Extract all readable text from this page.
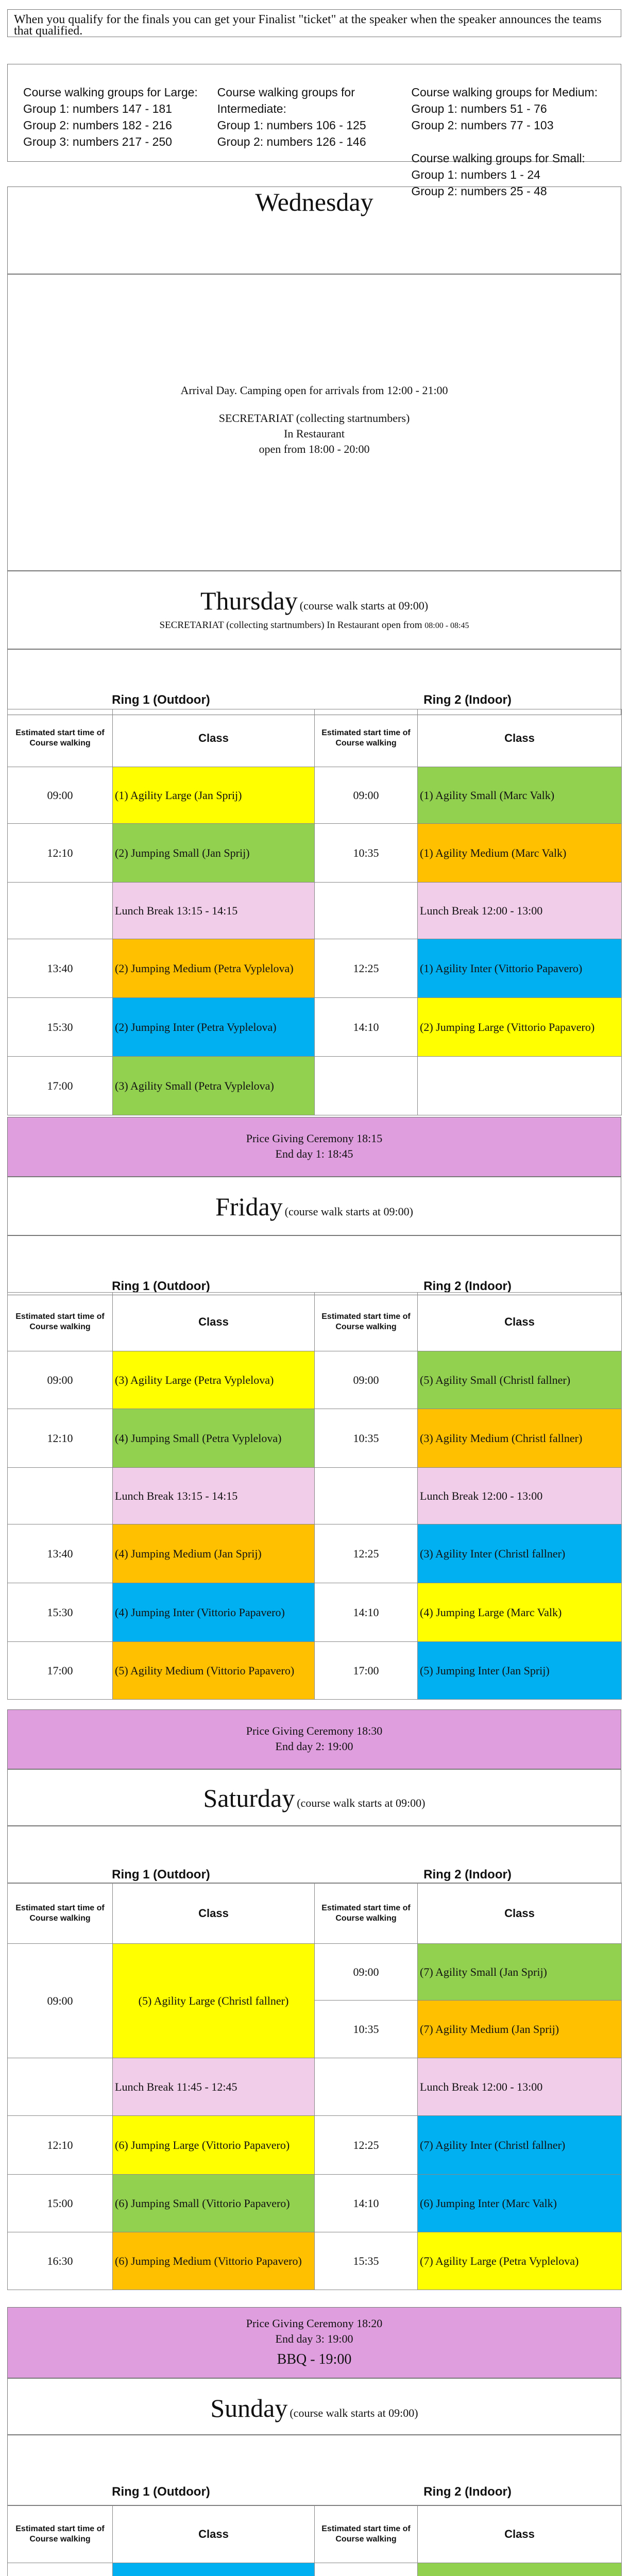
When you qualify for the finals you can get your Finalist "ticket" at the speaker when the speaker announces the teams that qualified.

Course walking groups for Large:

Group 1: numbers 147 - 181

Group 2: numbers 182 - 216

Group 3: numbers 217 - 250

Course walking groups for Intermediate:

Group 1: numbers 106 - 125

Group 2: numbers 126 - 146

Course walking groups for Medium:

Group 1: numbers 51 - 76

Group 2: numbers 77 - 103

Course walking groups for Small:

Group 1: numbers 1 - 24

Group 2: numbers 25 - 48

Wednesday
Arrival Day. Camping open for arrivals from 12:00 - 21:00
SECRETARIAT (collecting startnumbers)
In Restaurant
open from 18:00 - 20:00
Thursday (course walk starts at 09:00)
SECRETARIAT (collecting startnumbers) In Restaurant open from 08:00 - 08:45
Ring 1 (Outdoor)	Ring 2 (Indoor)
Estimated start time of Course walking	Class	Estimated start time of Course walking	Class
09:00	(1) Agility Large (Jan Sprij)	09:00	(1) Agility Small (Marc Valk)
12:10	(2) Jumping Small (Jan Sprij)	10:35	(1) Agility Medium (Marc Valk)
	Lunch Break 13:15 - 14:15		Lunch Break 12:00 - 13:00
13:40	(2) Jumping Medium (Petra Vyplelova)	12:25	(1) Agility Inter (Vittorio Papavero)
15:30	(2) Jumping Inter (Petra Vyplelova)	14:10	(2) Jumping Large (Vittorio Papavero)
17:00	(3) Agility Small (Petra Vyplelova)		
Price Giving Ceremony 18:15
End day 1: 18:45
Friday (course walk starts at 09:00)
Ring 1 (Outdoor)	Ring 2 (Indoor)
Estimated start time of Course walking	Class	Estimated start time of Course walking	Class
09:00	(3) Agility Large (Petra Vyplelova)	09:00	(5) Agility Small (Christl fallner)
12:10	(4) Jumping Small (Petra Vyplelova)	10:35	(3) Agility Medium (Christl fallner)
	Lunch Break 13:15 - 14:15		Lunch Break 12:00 - 13:00
13:40	(4) Jumping Medium (Jan Sprij)	12:25	(3) Agility Inter (Christl fallner)
15:30	(4) Jumping Inter (Vittorio Papavero)	14:10	(4) Jumping Large (Marc Valk)
17:00	(5) Agility Medium (Vittorio Papavero)	17:00	(5) Jumping Inter (Jan Sprij)
Price Giving Ceremony 18:30
End day 2: 19:00
Saturday (course walk starts at 09:00)
Ring 1 (Outdoor)	Ring 2 (Indoor)
Estimated start time of Course walking	Class	Estimated start time of Course walking	Class
09:00	(5) Agility Large (Christl fallner)	09:00	(7) Agility Small (Jan Sprij)
		10:35	(7) Agility Medium (Jan Sprij)
	Lunch Break 11:45 - 12:45		Lunch Break 12:00 - 13:00
12:10	(6) Jumping Large (Vittorio Papavero)	12:25	(7) Agility Inter (Christl fallner)
15:00	(6) Jumping Small (Vittorio Papavero)	14:10	(6) Jumping Inter (Marc Valk)
16:30	(6) Jumping Medium (Vittorio Papavero)	15:35	(7) Agility Large (Petra Vyplelova)
Price Giving Ceremony 18:20
End day 3: 19:00
BBQ - 19:00
Sunday (course walk starts at 09:00)
Ring 1 (Outdoor)	Ring 2 (Indoor)
Estimated start time of Course walking	Class	Estimated start time of Course walking	Class
